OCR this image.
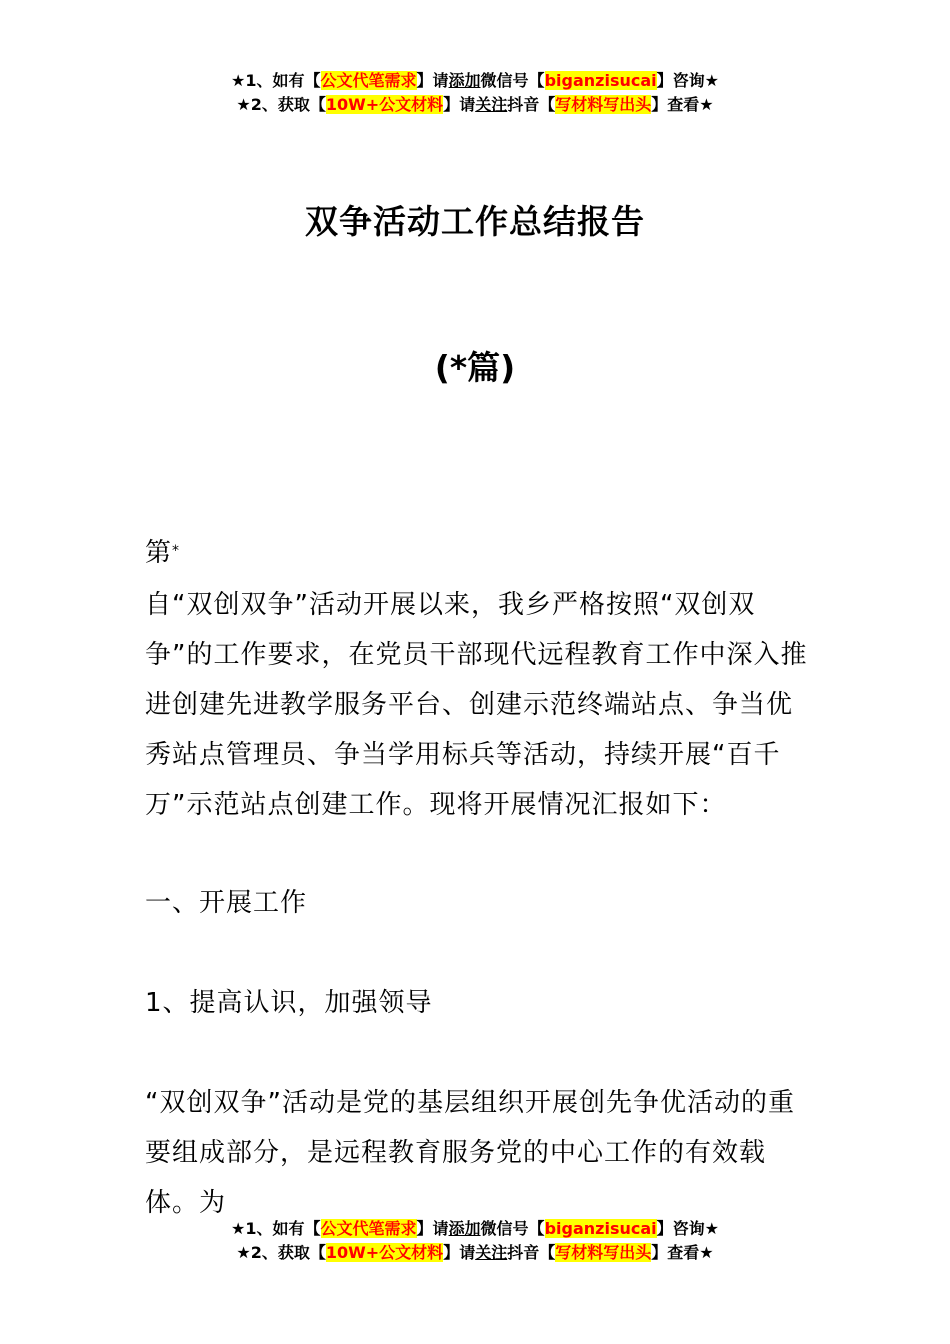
★1、如有【公文代笔需求】请添加微信号【biganzisucai】咨询★
★2、获取【10W+公文材料】请关注抖音【写材料写出头】查看★
双争活动工作总结报告
(*篇)
第*
自“双创双争”活动开展以来，我乡严格按照“双创双争”的工作要求，在党员干部现代远程教育工作中深入推进创建先进教学服务平台、创建示范终端站点、争当优秀站点管理员、争当学用标兵等活动，持续开展“百千万”示范站点创建工作。现将开展情况汇报如下：
一、开展工作
1、提高认识，加强领导
“双创双争”活动是党的基层组织开展创先争优活动的重要组成部分，是远程教育服务党的中心工作的有效载体。为
★1、如有【公文代笔需求】请添加微信号【biganzisucai】咨询★
★2、获取【10W+公文材料】请关注抖音【写材料写出头】查看★
